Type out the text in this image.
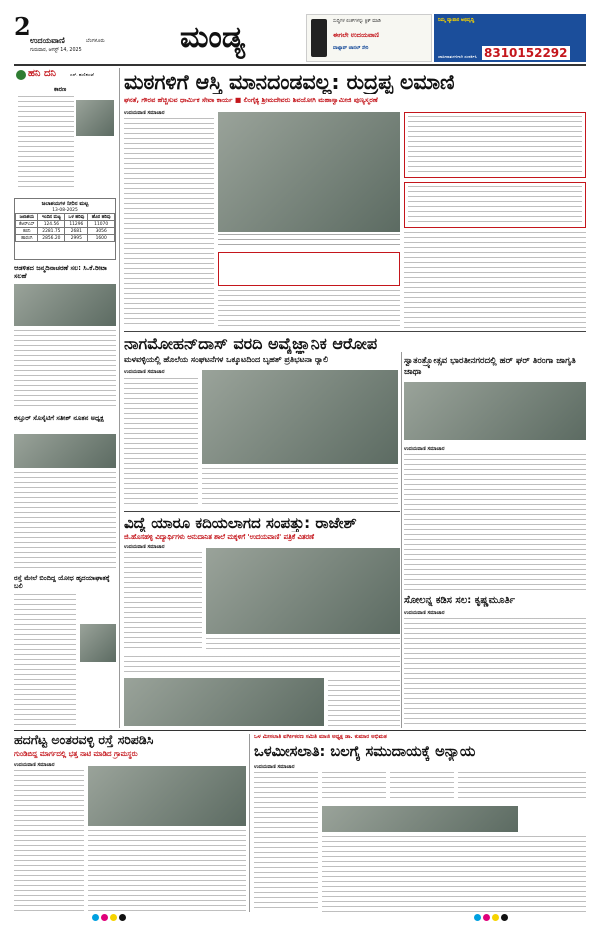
2 ಉದಯವಾಣಿ	ಬೆಂಗಳೂರು
ಗುರುವಾರ, ಆಗಸ್ಟ್ 14, 2025	ಮಂಡ್ಯ	ಸುದ್ದಿಗಳ ಲಿಂಕ್‌ಗಳನ್ನು ಕ್ಲಿಕ್ ಮಾಡಿ
ಈಗಲೇ ಉದಯವಾಣಿ
ವಾಟ್ಸಾಪ್ ಚಾನಲ್ ಸೇರಿ
ನಿಮ್ಮ ವ್ಯಾಪಾರ ಅಭಿವೃದ್ಧಿ
ಜಾಹೀರಾತುಗಳಿಗಾಗಿ ಸಂಪರ್ಕಿಸಿ 8310152292
ಹನಿ ದನಿ	ಎಸ್. ಹುಲಿಕುಂಟೆ
ಕಾರಣ
ಜಲಾಶಯಗಳ ನೀರಿನ ಮಟ್ಟ
13-08-2025
ಜಲಾಶಯ	ಇಂದಿನ ಮಟ್ಟ	ಒಳ ಹರಿವು	ಹೊರ ಹರಿವು
ಕೆಆರ್‌ಎಸ್	124.56	11296	11070
ಕಬಿನಿ	2281.75	2681	3056
ಹಾರಂಗಿ	2856.20	2995	1600
ಆಡಳಿತದ ಜನ್ಮದಿನಾಚರಣೆ ಸಲ: ಸಿ.ಕೆ.ರೀಟಾ ಸಲಹೆ
ಕಸ್ತೂರ್ ಸೊಸೈಟಿಗೆ ಸತೀಶ್ ನೂತನ ಅಧ್ಯಕ್ಷ
ರಸ್ತೆ ಮೇಲೆ ಬಿಂದಿದ್ದ ಯೋಧ ಹೃದಯಾಘಾತಕ್ಕೆ ಬಲಿ
ಮಠಗಳಿಗೆ ಆಸ್ತಿ ಮಾನದಂಡವಲ್ಲ: ರುದ್ರಪ್ಪ ಲಮಾಣಿ
ಘನತೆ, ಗೌರವ ಹೆಚ್ಚಿಸುವ ಧಾರ್ಮಿಕ ಸೇವಾ ಕಾರ್ಯ ■ ಲಿಂಗೈಕ್ಯ ಶ್ರೀಮದೇವರು ಶಿವಯೋಗಿ ಮಹಾಸ್ವಾಮೀಜಿ ಪುಣ್ಯಸ್ಮರಣೆ
ಉದಯವಾಣಿ ಸಮಾಚಾರ
ನಾಗಮೋಹನ್‌ದಾಸ್ ವರದಿ ಅವೈಜ್ಞಾನಿಕ ಆರೋಪ
ಮಳವಳ್ಳಿಯಲ್ಲಿ ಹೊಲೆಯ ಸಂಘಟನೆಗಳ ಒಕ್ಕೂಟದಿಂದ ಬೃಹತ್ ಪ್ರತಿಭಟನಾ ರ್‍ಯಾಲಿ
ಉದಯವಾಣಿ ಸಮಾಚಾರ
ಸ್ವಾತಂತ್ರ್ಯೋತ್ಸವ ಭಾರತೀನಗರದಲ್ಲಿ ಹರ್ ಘರ್ ತಿರಂಗಾ ಜಾಗೃತಿ ಜಾಥಾ
ಉದಯವಾಣಿ ಸಮಾಚಾರ
ವಿದ್ಯೆ ಯಾರೂ ಕದಿಯಲಾಗದ ಸಂಪತ್ತು: ರಾಜೇಶ್
ಜಿ.ಹೊಸಹಳ್ಳಿ ವಿದ್ಯಾರ್ಥಿಗಳು ಅನುದಾನಿತ ಶಾಲೆ ಮಕ್ಕಳಿಗೆ 'ಉದಯವಾಣಿ' ಪತ್ರಿಕೆ ವಿತರಣೆ
ಉದಯವಾಣಿ ಸಮಾಚಾರ
ಸೋಲನ್ನ ಕಡಿಸ ಸಲ: ಕೃಷ್ಣಮೂರ್ತಿ
ಉದಯವಾಣಿ ಸಮಾಚಾರ
ಹದಗೆಟ್ಟ ಅಂತರವಳ್ಳಿ ರಸ್ತೆ ಸರಿಪಡಿಸಿ
ಗುಂಡಿಬಿದ್ದ ಮಾರ್ಗದಲ್ಲಿ ಭತ್ತ ನಾಟಿ ಮಾಡಿದ ಗ್ರಾಮಸ್ಥರು
ಉದಯವಾಣಿ ಸಮಾಚಾರ
ಒಳ ಮೀಸಲಾತಿ ವರ್ಗೀಕರಣ ಸಮಿತಿ ಮಾಜಿ ಅಧ್ಯಕ್ಷ ಡಾ. ಕುಮಾರ ಅಭಿಮತ
ಒಳಮೀಸಲಾತಿ: ಬಲಗೈ ಸಮುದಾಯಕ್ಕೆ ಅನ್ಯಾಯ
ಉದಯವಾಣಿ ಸಮಾಚಾರ
